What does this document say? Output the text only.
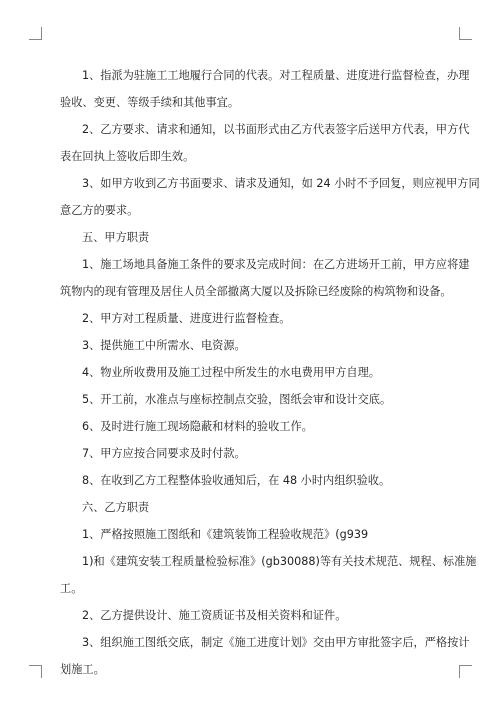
1、指派为驻施工工地履行合同的代表。对工程质量、进度进行监督检查，办理
验收、变更、等级手续和其他事宜。
2、乙方要求、请求和通知，以书面形式由乙方代表签字后送甲方代表，甲方代
表在回执上签收后即生效。
3、如甲方收到乙方书面要求、请求及通知，如 24 小时不予回复，则应视甲方同
意乙方的要求。
五、甲方职责
1、施工场地具备施工条件的要求及完成时间：在乙方进场开工前，甲方应将建
筑物内的现有管理及居住人员全部撤离大厦以及拆除已经废除的构筑物和设备。
2、甲方对工程质量、进度进行监督检查。
3、提供施工中所需水、电资源。
4、物业所收费用及施工过程中所发生的水电费用甲方自理。
5、开工前，水准点与座标控制点交验，图纸会审和设计交底。
6、及时进行施工现场隐蔽和材料的验收工作。
7、甲方应按合同要求及时付款。
8、在收到乙方工程整体验收通知后，在 48 小时内组织验收。
六、乙方职责
1、严格按照施工图纸和《建筑装饰工程验收规范》(g939
1)和《建筑安装工程质量检验标准》(gb30088)等有关技术规范、规程、标准施
工。
2、乙方提供设计、施工资质证书及相关资料和证件。
3、组织施工图纸交底，制定《施工进度计划》交由甲方审批签字后，严格按计
划施工。
